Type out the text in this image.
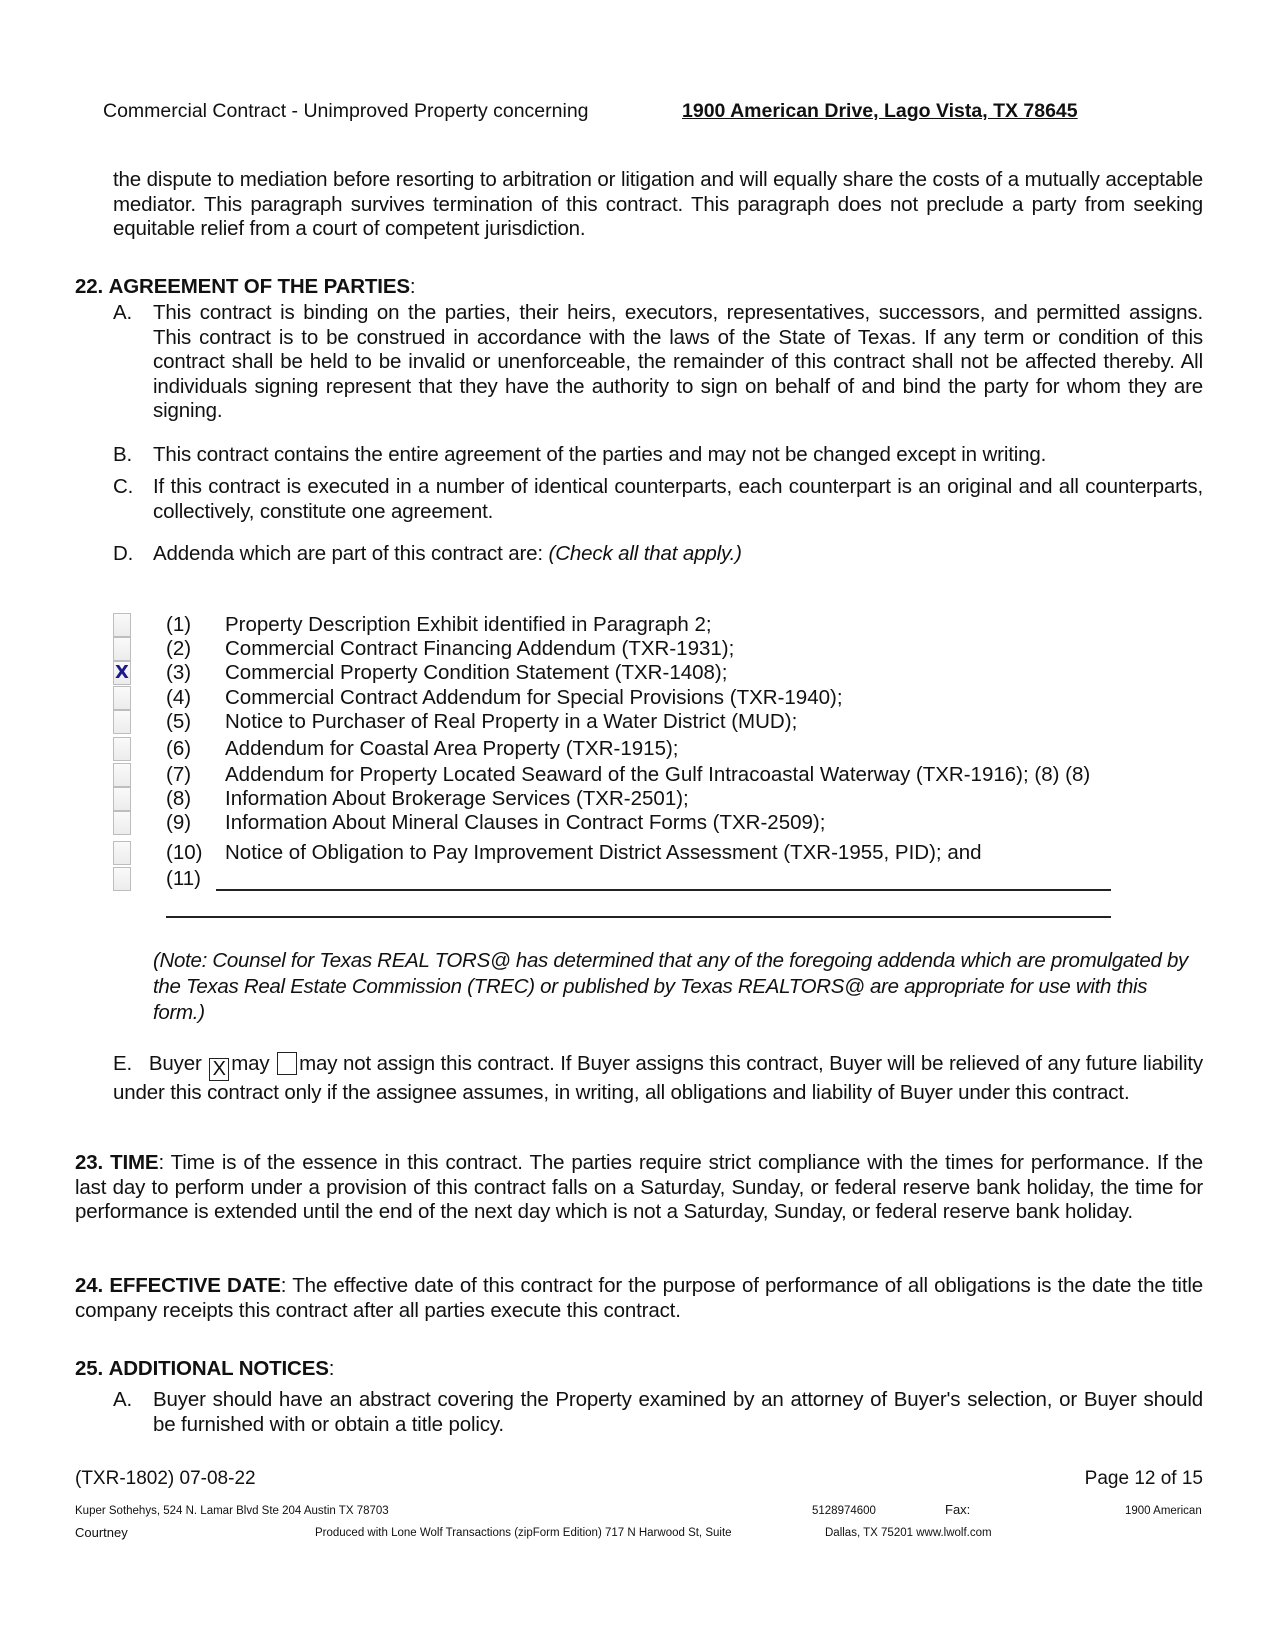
Commercial Contract - Unimproved Property concerning	1900 American Drive, Lago Vista, TX 78645
the dispute to mediation before resorting to arbitration or litigation and will equally share the costs of a mutually acceptable mediator. This paragraph survives termination of this contract. This paragraph does not preclude a party from seeking equitable relief from a court of competent jurisdiction.
22. AGREEMENT OF THE PARTIES:
A. This contract is binding on the parties, their heirs, executors, representatives, successors, and permitted assigns. This contract is to be construed in accordance with the laws of the State of Texas. If any term or condition of this contract shall be held to be invalid or unenforceable, the remainder of this contract shall not be affected thereby. All individuals signing represent that they have the authority to sign on behalf of and bind the party for whom they are signing.
B. This contract contains the entire agreement of the parties and may not be changed except in writing.
C. If this contract is executed in a number of identical counterparts, each counterpart is an original and all counterparts, collectively, constitute one agreement.
D. Addenda which are part of this contract are: (Check all that apply.)
(1) Property Description Exhibit identified in Paragraph 2;
(2) Commercial Contract Financing Addendum (TXR-1931);
X (3) Commercial Property Condition Statement (TXR-1408);
(4) Commercial Contract Addendum for Special Provisions (TXR-1940);
(5) Notice to Purchaser of Real Property in a Water District (MUD);
(6) Addendum for Coastal Area Property (TXR-1915);
(7) Addendum for Property Located Seaward of the Gulf Intracoastal Waterway (TXR-1916); (8) (8)
(8) Information About Brokerage Services (TXR-2501);
(9) Information About Mineral Clauses in Contract Forms (TXR-2509);
(10) Notice of Obligation to Pay Improvement District Assessment (TXR-1955, PID); and
(11)
(Note: Counsel for Texas REAL TORS@ has determined that any of the foregoing addenda which are promulgated by the Texas Real Estate Commission (TREC) or published by Texas REALTORS@ are appropriate for use with this form.)
E. Buyer X may may not assign this contract. If Buyer assigns this contract, Buyer will be relieved of any future liability under this contract only if the assignee assumes, in writing, all obligations and liability of Buyer under this contract.
23. TIME: Time is of the essence in this contract. The parties require strict compliance with the times for performance. If the last day to perform under a provision of this contract falls on a Saturday, Sunday, or federal reserve bank holiday, the time for performance is extended until the end of the next day which is not a Saturday, Sunday, or federal reserve bank holiday.
24. EFFECTIVE DATE: The effective date of this contract for the purpose of performance of all obligations is the date the title company receipts this contract after all parties execute this contract.
25. ADDITIONAL NOTICES:
A. Buyer should have an abstract covering the Property examined by an attorney of Buyer's selection, or Buyer should be furnished with or obtain a title policy.
(TXR-1802) 07-08-22	Page 12 of 15
Kuper Sothehys, 524 N. Lamar Blvd Ste 204 Austin TX 78703	5128974600	Fax:	1900 American
Courtney	Produced with Lone Wolf Transactions (zipForm Edition) 717 N Harwood St, Suite	Dallas, TX 75201 www.lwolf.com
